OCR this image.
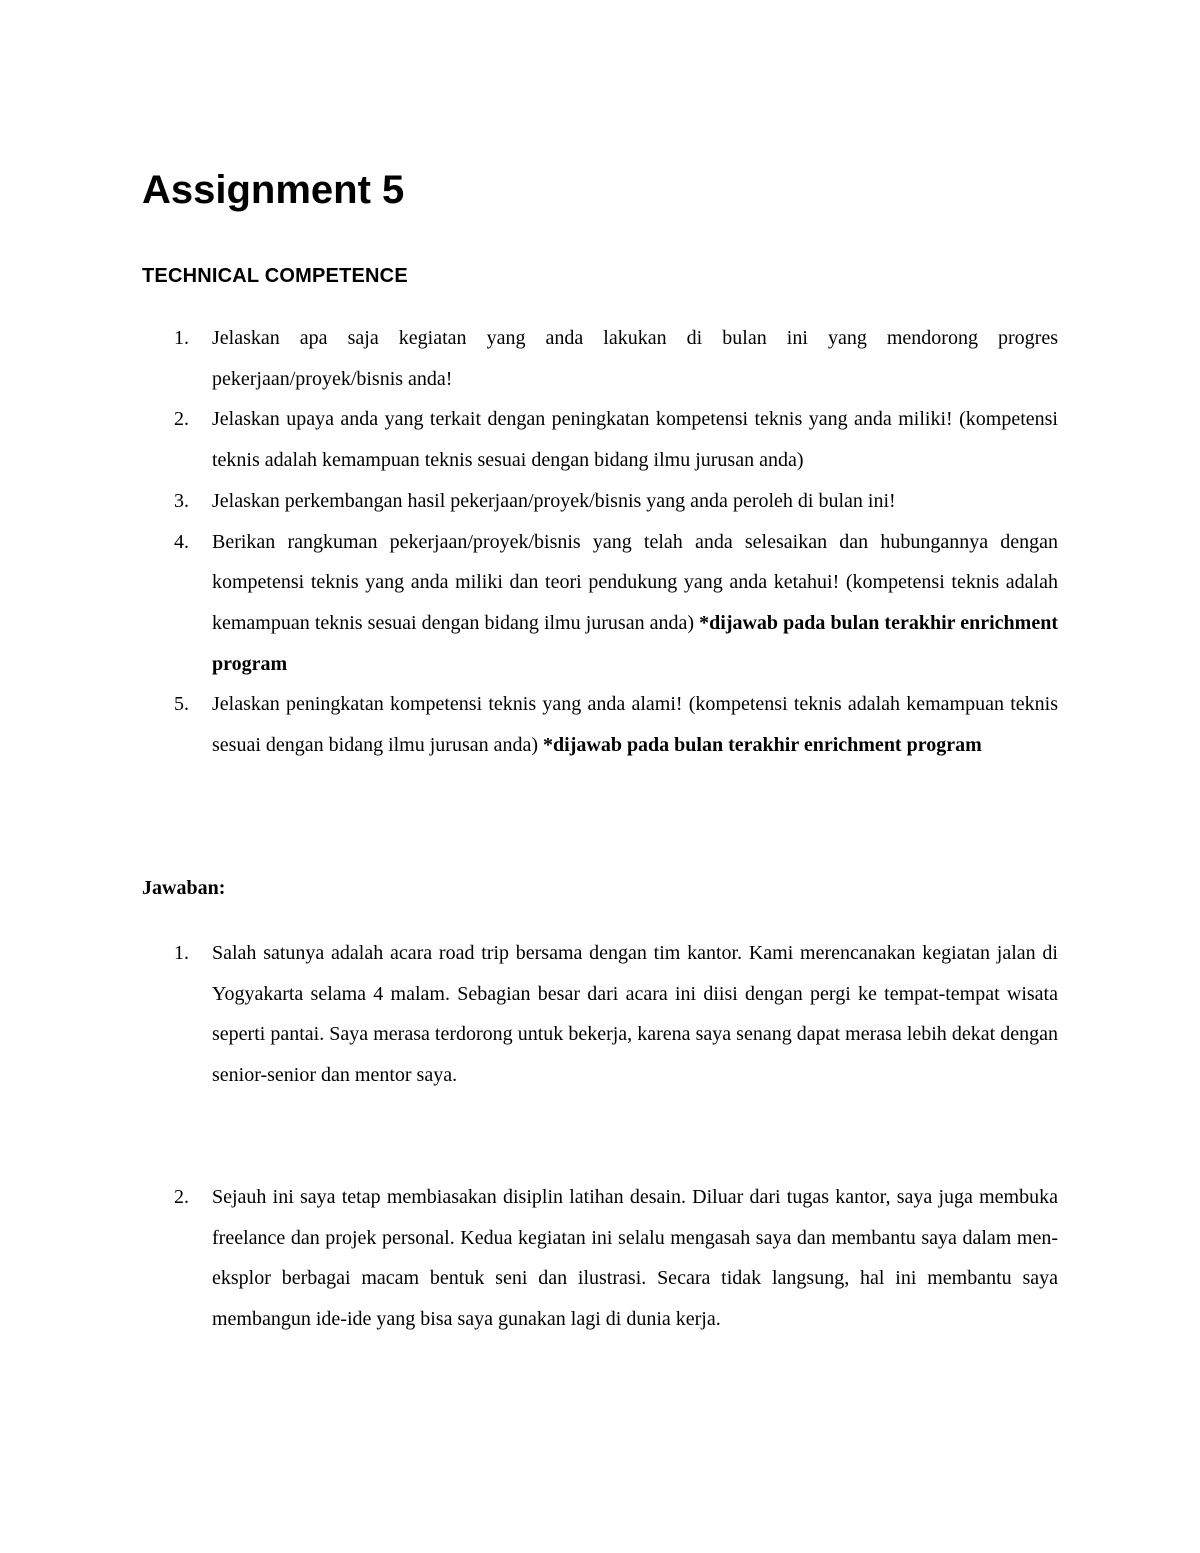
Assignment 5
TECHNICAL COMPETENCE
1. Jelaskan apa saja kegiatan yang anda lakukan di bulan ini yang mendorong progres pekerjaan/proyek/bisnis anda!
2. Jelaskan upaya anda yang terkait dengan peningkatan kompetensi teknis yang anda miliki! (kompetensi teknis adalah kemampuan teknis sesuai dengan bidang ilmu jurusan anda)
3. Jelaskan perkembangan hasil pekerjaan/proyek/bisnis yang anda peroleh di bulan ini!
4. Berikan rangkuman pekerjaan/proyek/bisnis yang telah anda selesaikan dan hubungannya dengan kompetensi teknis yang anda miliki dan teori pendukung yang anda ketahui! (kompetensi teknis adalah kemampuan teknis sesuai dengan bidang ilmu jurusan anda) *dijawab pada bulan terakhir enrichment program
5. Jelaskan peningkatan kompetensi teknis yang anda alami! (kompetensi teknis adalah kemampuan teknis sesuai dengan bidang ilmu jurusan anda) *dijawab pada bulan terakhir enrichment program
Jawaban:
1. Salah satunya adalah acara road trip bersama dengan tim kantor. Kami merencanakan kegiatan jalan di Yogyakarta selama 4 malam. Sebagian besar dari acara ini diisi dengan pergi ke tempat-tempat wisata seperti pantai. Saya merasa terdorong untuk bekerja, karena saya senang dapat merasa lebih dekat dengan senior-senior dan mentor saya.
2. Sejauh ini saya tetap membiasakan disiplin latihan desain. Diluar dari tugas kantor, saya juga membuka freelance dan projek personal. Kedua kegiatan ini selalu mengasah saya dan membantu saya dalam men-eksplor berbagai macam bentuk seni dan ilustrasi. Secara tidak langsung, hal ini membantu saya membangun ide-ide yang bisa saya gunakan lagi di dunia kerja.
